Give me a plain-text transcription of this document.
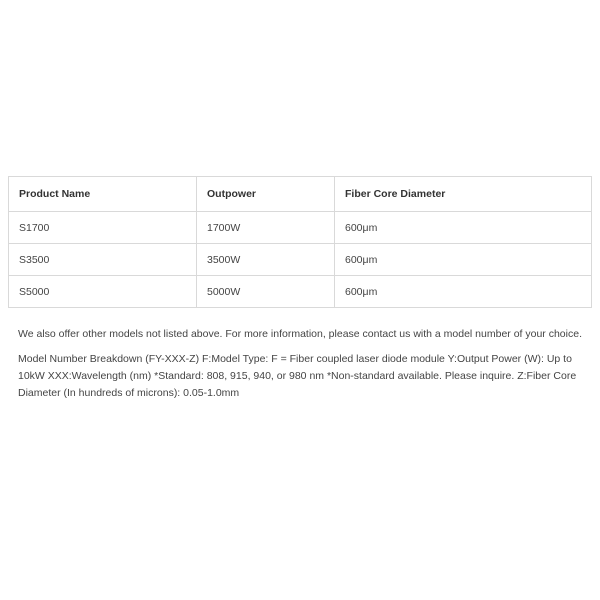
Product Name	Outpower	Fiber Core Diameter
S1700	1700W	600μm
S3500	3500W	600μm
S5000	5000W	600μm

We also offer other models not listed above. For more information, please contact us with a model number of your choice.

Model Number Breakdown (FY-XXX-Z) F:Model Type: F = Fiber coupled laser diode module Y:Output Power (W): Up to 10kW XXX:Wavelength (nm) *Standard: 808, 915, 940, or 980 nm *Non-standard available. Please inquire. Z:Fiber Core Diameter (In hundreds of microns): 0.05-1.0mm
